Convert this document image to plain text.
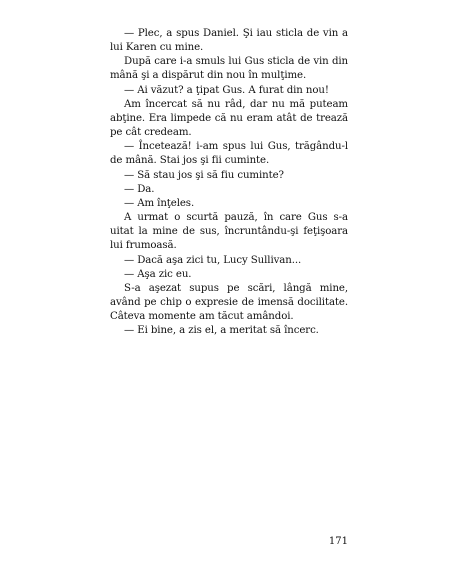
— Plec, a spus Daniel. Şi iau sticla de vin a lui Karen cu mine.

După care i-a smuls lui Gus sticla de vin din mână şi a dispărut din nou în mulţime.

— Ai văzut? a ţipat Gus. A furat din nou!

Am încercat să nu râd, dar nu mă puteam abţine. Era limpede că nu eram atât de trează pe cât credeam.

— Încetează! i-am spus lui Gus, trăgându-l de mână. Stai jos şi fii cuminte.

— Să stau jos şi să fiu cuminte?

— Da.

— Am înţeles.

A urmat o scurtă pauză, în care Gus s-a uitat la mine de sus, încruntându-şi feţişoara lui frumoasă.

— Dacă aşa zici tu, Lucy Sullivan...

— Aşa zic eu.

S-a aşezat supus pe scări, lângă mine, având pe chip o expresie de imensă docilitate. Câteva momente am tăcut amândoi.

— Ei bine, a zis el, a meritat să încerc.

171
